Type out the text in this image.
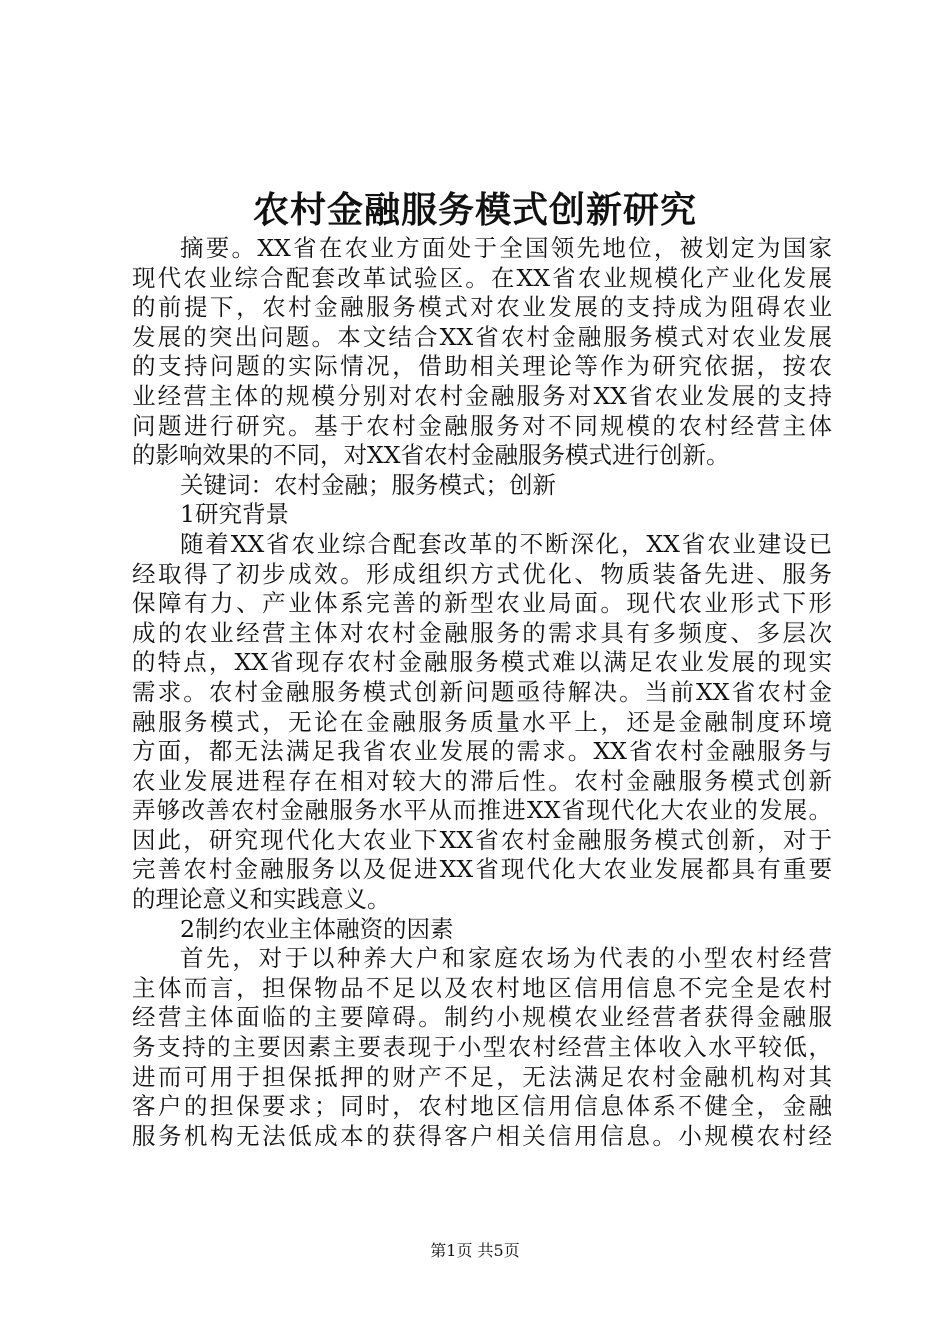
农村金融服务模式创新研究
摘要。XX省在农业方面处于全国领先地位，被划定为国家
现代农业综合配套改革试验区。在XX省农业规模化产业化发展
的前提下，农村金融服务模式对农业发展的支持成为阻碍农业
发展的突出问题。本文结合XX省农村金融服务模式对农业发展
的支持问题的实际情况，借助相关理论等作为研究依据，按农
业经营主体的规模分别对农村金融服务对XX省农业发展的支持
问题进行研究。基于农村金融服务对不同规模的农村经营主体
的影响效果的不同，对XX省农村金融服务模式进行创新。
关键词：农村金融；服务模式；创新
1研究背景
随着XX省农业综合配套改革的不断深化，XX省农业建设已
经取得了初步成效。形成组织方式优化、物质装备先进、服务
保障有力、产业体系完善的新型农业局面。现代农业形式下形
成的农业经营主体对农村金融服务的需求具有多频度、多层次
的特点，XX省现存农村金融服务模式难以满足农业发展的现实
需求。农村金融服务模式创新问题亟待解决。当前XX省农村金
融服务模式，无论在金融服务质量水平上，还是金融制度环境
方面，都无法满足我省农业发展的需求。XX省农村金融服务与
农业发展进程存在相对较大的滞后性。农村金融服务模式创新
弄够改善农村金融服务水平从而推进XX省现代化大农业的发展。
因此，研究现代化大农业下XX省农村金融服务模式创新，对于
完善农村金融服务以及促进XX省现代化大农业发展都具有重要
的理论意义和实践意义。
2制约农业主体融资的因素
首先，对于以种养大户和家庭农场为代表的小型农村经营
主体而言，担保物品不足以及农村地区信用信息不完全是农村
经营主体面临的主要障碍。制约小规模农业经营者获得金融服
务支持的主要因素主要表现于小型农村经营主体收入水平较低，
进而可用于担保抵押的财产不足，无法满足农村金融机构对其
客户的担保要求；同时，农村地区信用信息体系不健全，金融
服务机构无法低成本的获得客户相关信用信息。小规模农村经
第1页 共5页
